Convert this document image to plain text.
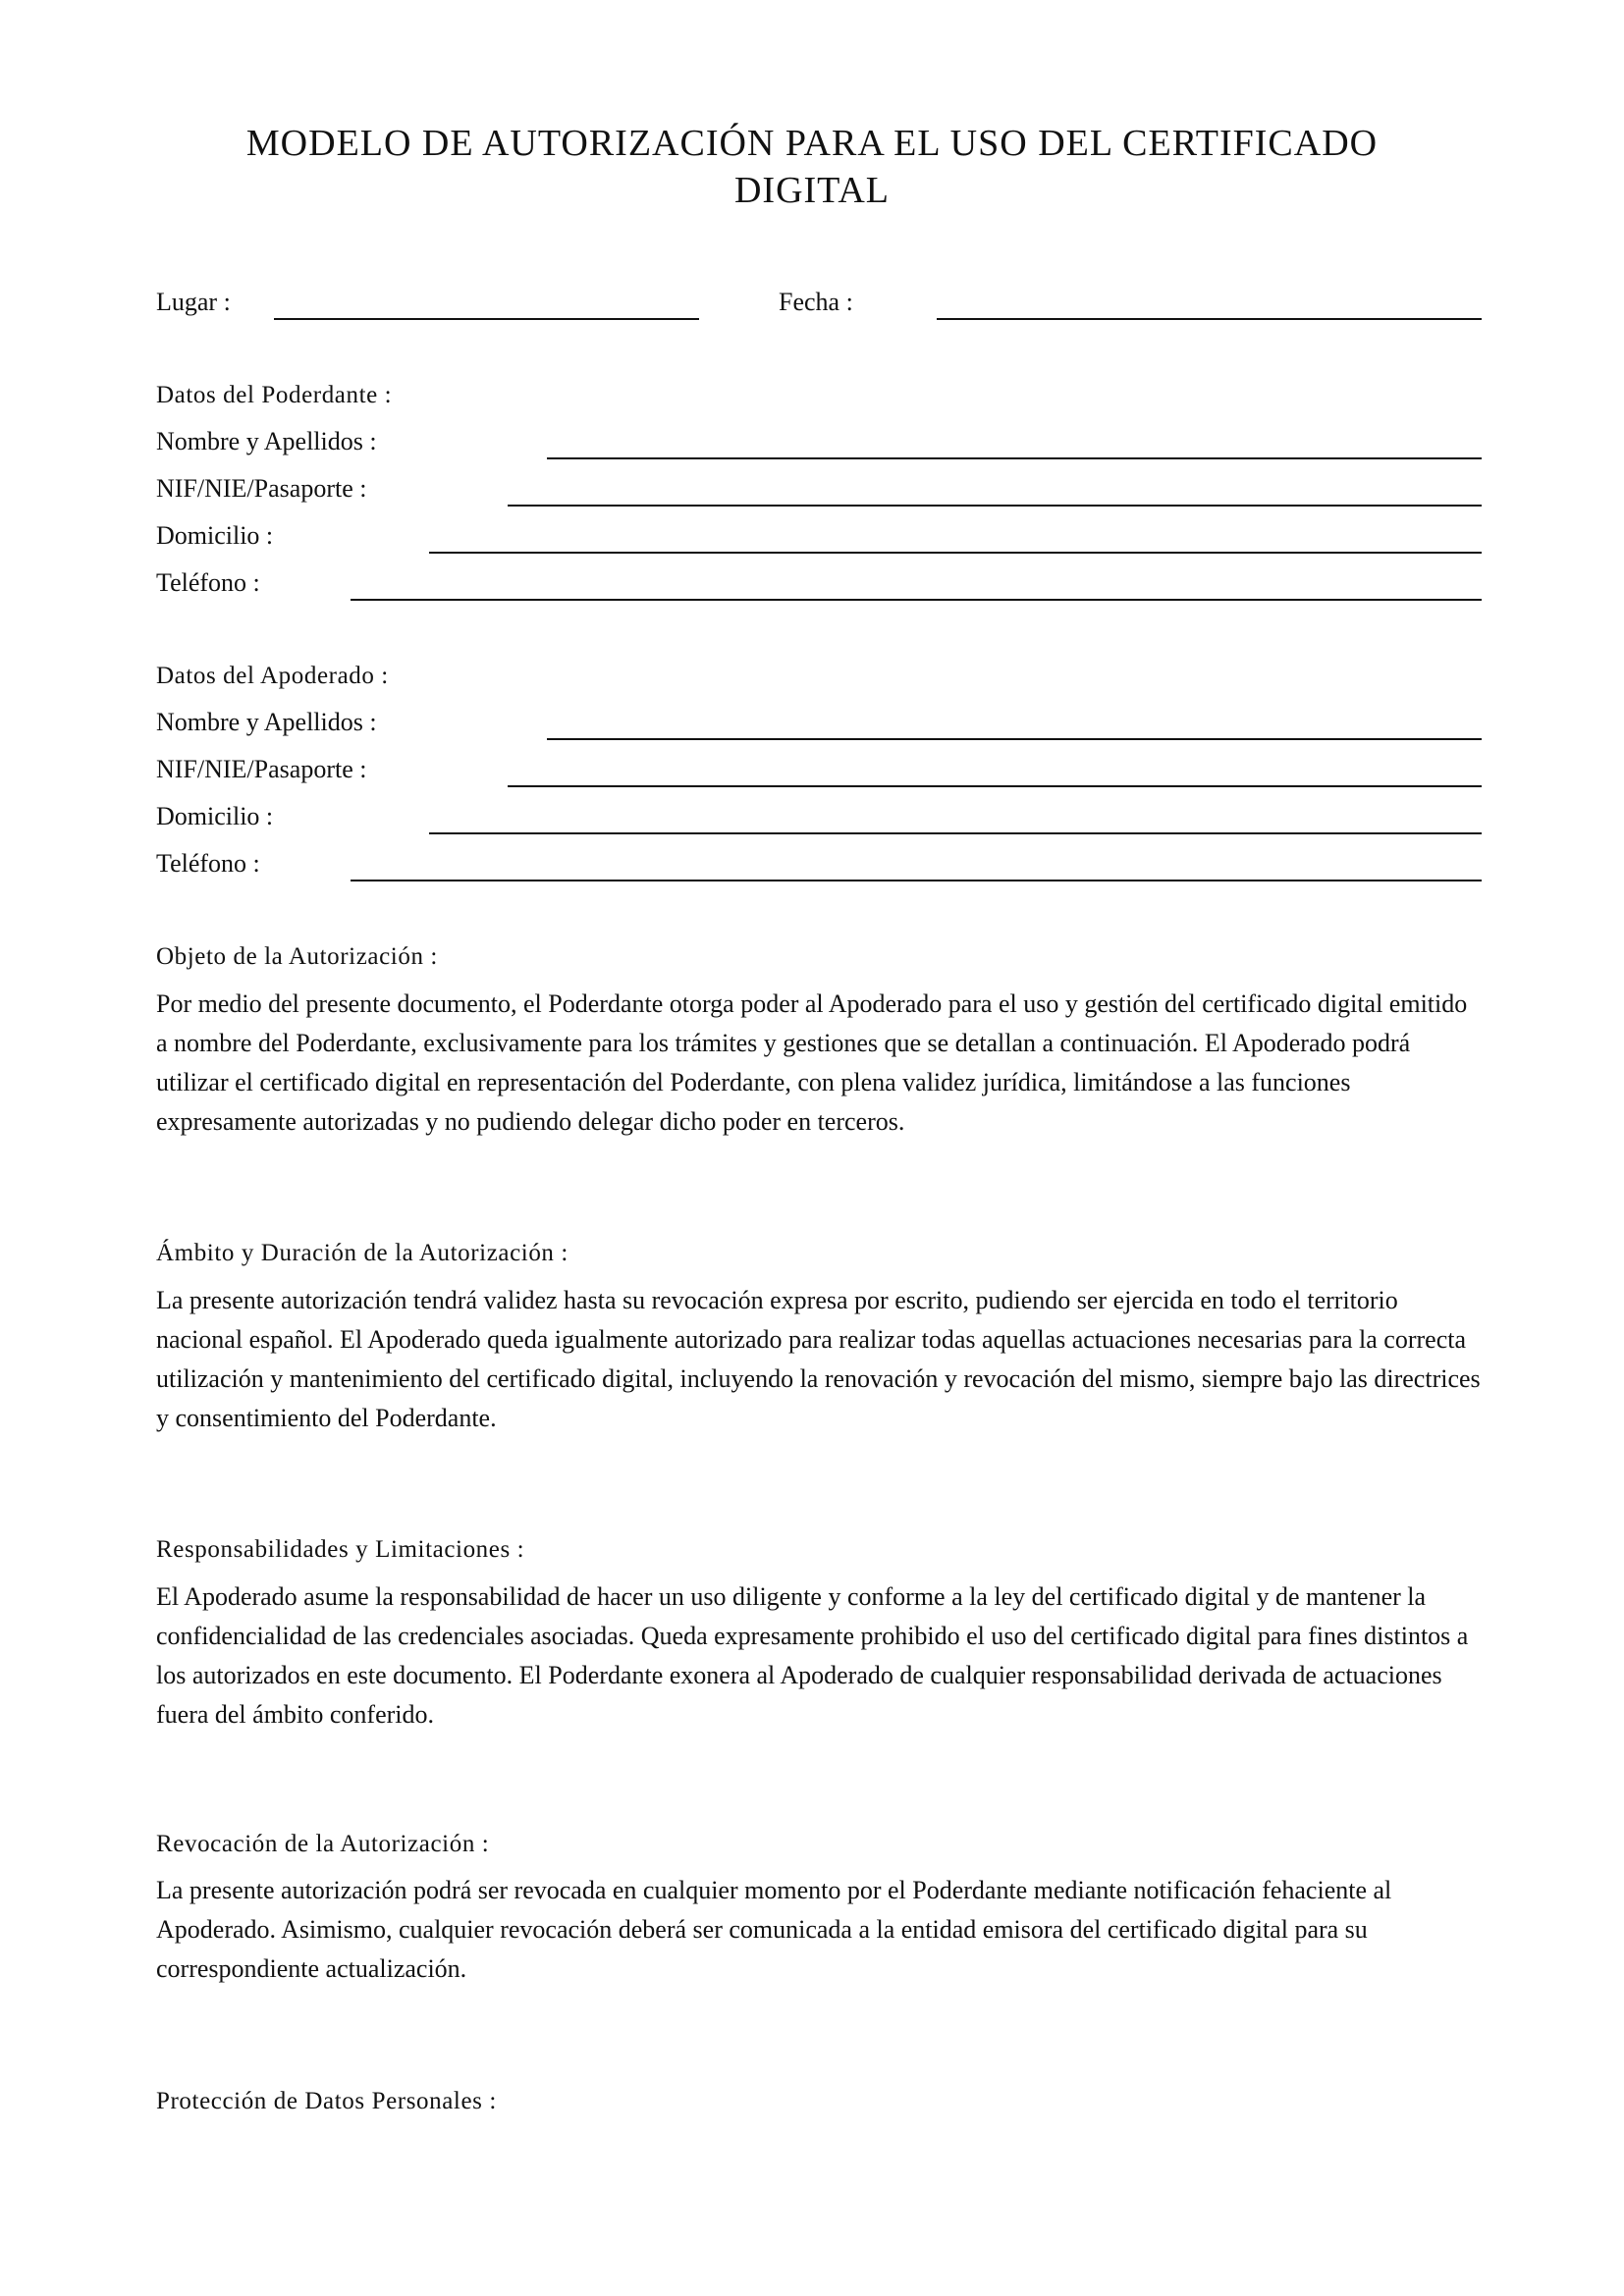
MODELO DE AUTORIZACIÓN PARA EL USO DEL CERTIFICADO
DIGITAL
Lugar :	Fecha :
Datos del Poderdante :
Nombre y Apellidos :
NIF/NIE/Pasaporte :
Domicilio :
Teléfono :
Datos del Apoderado :
Nombre y Apellidos :
NIF/NIE/Pasaporte :
Domicilio :
Teléfono :
Objeto de la Autorización :

Por medio del presente documento, el Poderdante otorga poder al Apoderado para el uso y gestión del certificado digital emitido a nombre del Poderdante, exclusivamente para los trámites y gestiones que se detallan a continuación. El Apoderado podrá utilizar el certificado digital en representación del Poderdante, con plena validez jurídica, limitándose a las funciones expresamente autorizadas y no pudiendo delegar dicho poder en terceros.

Ámbito y Duración de la Autorización :

La presente autorización tendrá validez hasta su revocación expresa por escrito, pudiendo ser ejercida en todo el territorio nacional español. El Apoderado queda igualmente autorizado para realizar todas aquellas actuaciones necesarias para la correcta utilización y mantenimiento del certificado digital, incluyendo la renovación y revocación del mismo, siempre bajo las directrices y consentimiento del Poderdante.

Responsabilidades y Limitaciones :

El Apoderado asume la responsabilidad de hacer un uso diligente y conforme a la ley del certificado digital y de mantener la confidencialidad de las credenciales asociadas. Queda expresamente prohibido el uso del certificado digital para fines distintos a los autorizados en este documento. El Poderdante exonera al Apoderado de cualquier responsabilidad derivada de actuaciones fuera del ámbito conferido.

Revocación de la Autorización :

La presente autorización podrá ser revocada en cualquier momento por el Poderdante mediante notificación fehaciente al Apoderado. Asimismo, cualquier revocación deberá ser comunicada a la entidad emisora del certificado digital para su correspondiente actualización.

Protección de Datos Personales :
